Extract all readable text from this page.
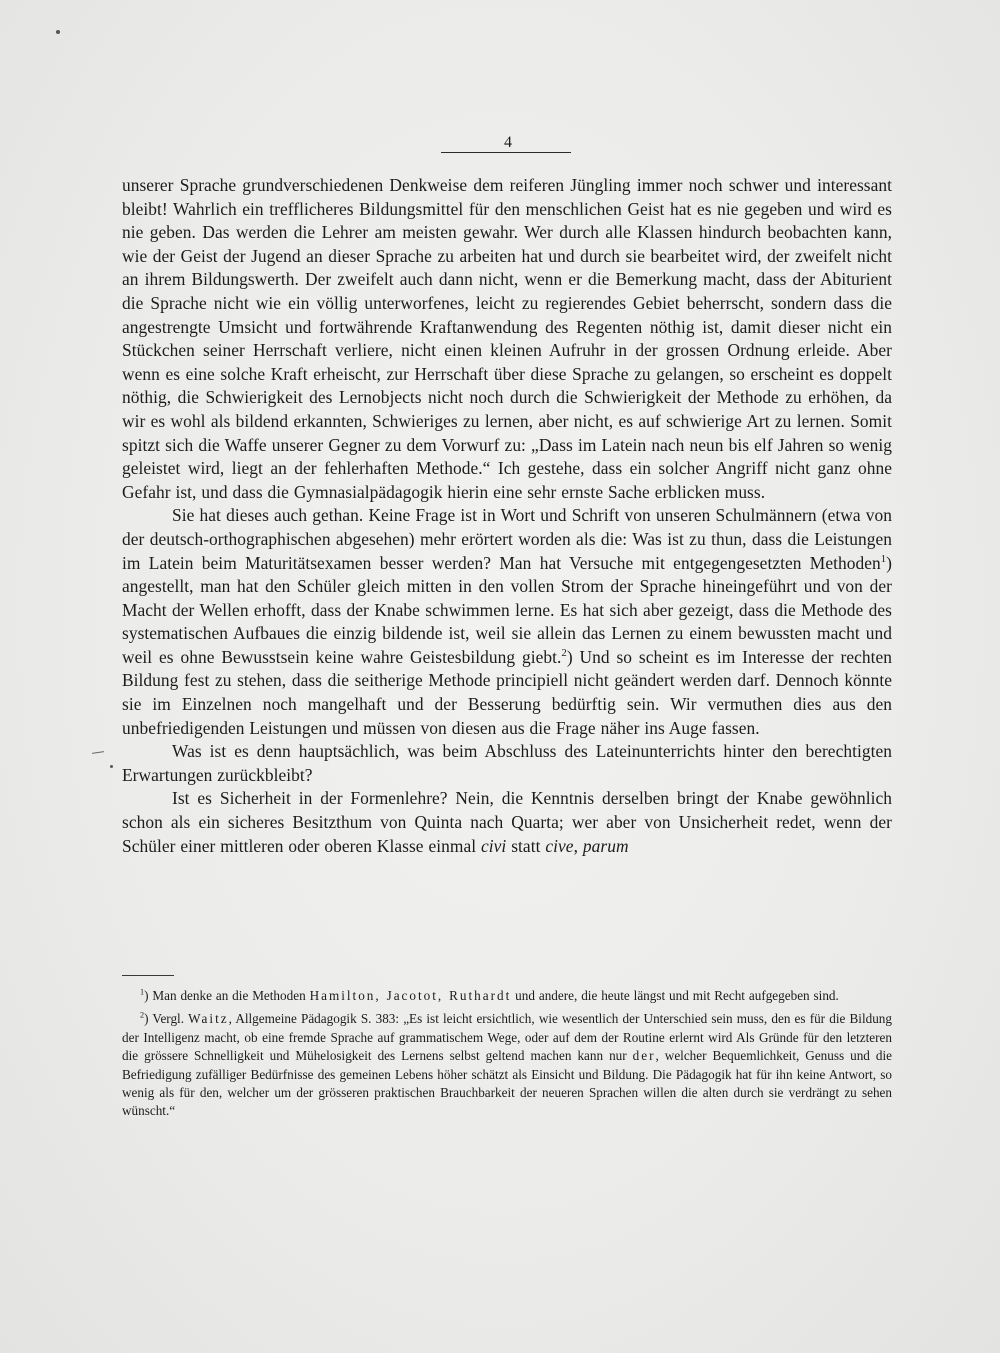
4

unserer Sprache grundverschiedenen Denkweise dem reiferen Jüngling immer noch schwer und interessant bleibt! Wahrlich ein trefflicheres Bildungsmittel für den menschlichen Geist hat es nie gegeben und wird es nie geben. Das werden die Lehrer am meisten gewahr. Wer durch alle Klassen hindurch beobachten kann, wie der Geist der Jugend an dieser Sprache zu arbeiten hat und durch sie bearbeitet wird, der zweifelt nicht an ihrem Bildungswerth. Der zweifelt auch dann nicht, wenn er die Bemerkung macht, dass der Abiturient die Sprache nicht wie ein völlig unterworfenes, leicht zu regierendes Gebiet beherrscht, sondern dass die angestrengte Umsicht und fortwährende Kraftanwendung des Regenten nöthig ist, damit dieser nicht ein Stückchen seiner Herrschaft verliere, nicht einen kleinen Aufruhr in der grossen Ordnung erleide. Aber wenn es eine solche Kraft erheischt, zur Herrschaft über diese Sprache zu gelangen, so erscheint es doppelt nöthig, die Schwierigkeit des Lernobjects nicht noch durch die Schwierigkeit der Methode zu erhöhen, da wir es wohl als bildend erkannten, Schwieriges zu lernen, aber nicht, es auf schwierige Art zu lernen. Somit spitzt sich die Waffe unserer Gegner zu dem Vorwurf zu: „Dass im Latein nach neun bis elf Jahren so wenig geleistet wird, liegt an der fehlerhaften Methode.“ Ich gestehe, dass ein solcher Angriff nicht ganz ohne Gefahr ist, und dass die Gymnasialpädagogik hierin eine sehr ernste Sache erblicken muss.

Sie hat dieses auch gethan. Keine Frage ist in Wort und Schrift von unseren Schulmännern (etwa von der deutsch-orthographischen abgesehen) mehr erörtert worden als die: Was ist zu thun, dass die Leistungen im Latein beim Maturitätsexamen besser werden? Man hat Versuche mit entgegengesetzten Methoden$^1$) angestellt, man hat den Schüler gleich mitten in den vollen Strom der Sprache hineingeführt und von der Macht der Wellen erhofft, dass der Knabe schwimmen lerne. Es hat sich aber gezeigt, dass die Methode des systematischen Aufbaues die einzig bildende ist, weil sie allein das Lernen zu einem bewussten macht und weil es ohne Bewusstsein keine wahre Geistesbildung giebt.$^2$) Und so scheint es im Interesse der rechten Bildung fest zu stehen, dass die seitherige Methode principiell nicht geändert werden darf. Dennoch könnte sie im Einzelnen noch mangelhaft und der Besserung bedürftig sein. Wir vermuthen dies aus den unbefriedigenden Leistungen und müssen von diesen aus die Frage näher ins Auge fassen.

Was ist es denn hauptsächlich, was beim Abschluss des Lateinunterrichts hinter den berechtigten Erwartungen zurückbleibt?

Ist es Sicherheit in der Formenlehre? Nein, die Kenntnis derselben bringt der Knabe gewöhnlich schon als ein sicheres Besitzthum von Quinta nach Quarta; wer aber von Unsicherheit redet, wenn der Schüler einer mittleren oder oberen Klasse einmal civi statt cive, parum

$^1$) Man denke an die Methoden Hamilton, Jacotot, Ruthardt und andere, die heute längst und mit Recht aufgegeben sind.

$^2$) Vergl. Waitz, Allgemeine Pädagogik S. 383: „Es ist leicht ersichtlich, wie wesentlich der Unterschied sein muss, den es für die Bildung der Intelligenz macht, ob eine fremde Sprache auf grammatischem Wege, oder auf dem der Routine erlernt wird Als Gründe für den letzteren die grössere Schnelligkeit und Mühelosigkeit des Lernens selbst geltend machen kann nur der, welcher Bequemlichkeit, Genuss und die Befriedigung zufälliger Bedürfnisse des gemeinen Lebens höher schätzt als Einsicht und Bildung. Die Pädagogik hat für ihn keine Antwort, so wenig als für den, welcher um der grösseren praktischen Brauchbarkeit der neueren Sprachen willen die alten durch sie verdrängt zu sehen wünscht.“
